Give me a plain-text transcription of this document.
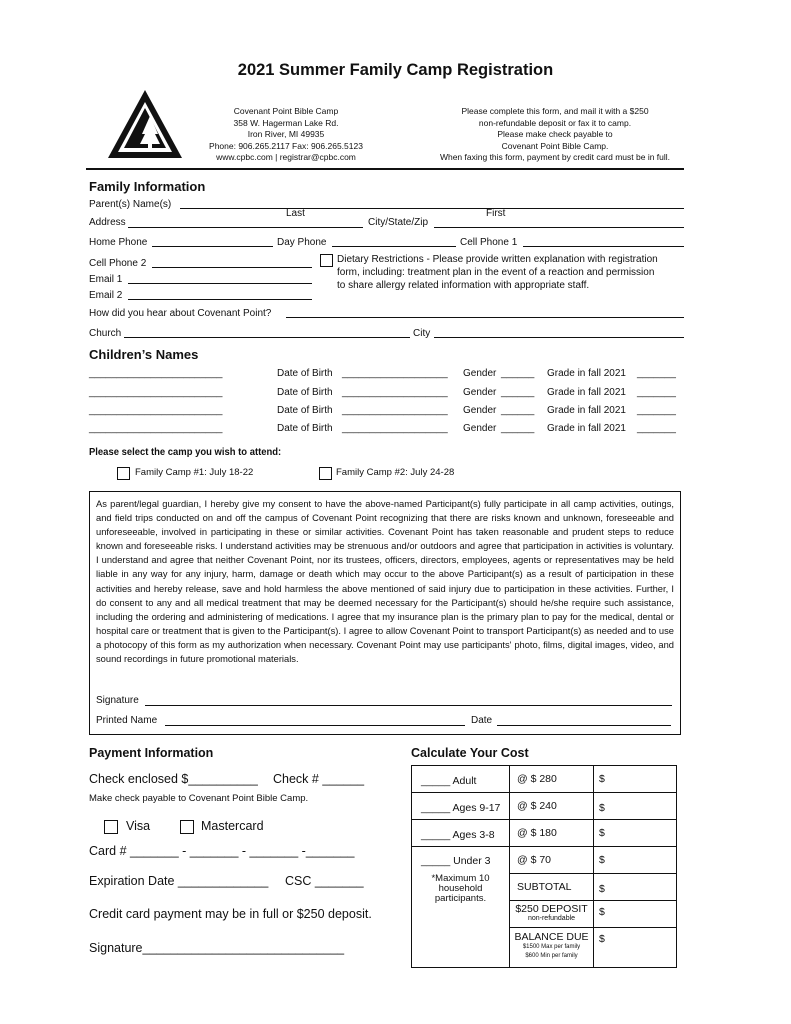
2021 Summer Family Camp Registration
Covenant Point Bible Camp
358 W. Hagerman Lake Rd.
Iron River, MI 49935
Phone: 906.265.2117 Fax: 906.265.5123
www.cpbc.com | registrar@cpbc.com
Please complete this form, and mail it with a $250
non-refundable deposit or fax it to camp.
Please make check payable to
Covenant Point Bible Camp.
When faxing this form, payment by credit card must be in full.
Family Information
Parent(s) Name(s)
Last	First
Address	City/State/Zip
Home Phone	Day Phone	Cell Phone 1
Cell Phone 2
Email 1
Email 2
Dietary Restrictions - Please provide written explanation with registration
form, including: treatment plan in the event of a reaction and permission
to share allergy related information with appropriate staff.
How did you hear about Covenant Point?
Church	City
Children’s Names
________________________	Date of Birth ___________________ Gender ______ Grade in fall 2021 _______
________________________	Date of Birth ___________________ Gender ______ Grade in fall 2021 _______
________________________	Date of Birth ___________________ Gender ______ Grade in fall 2021 _______
________________________	Date of Birth ___________________ Gender ______ Grade in fall 2021 _______
Please select the camp you wish to attend:
Family Camp #1: July 18-22	Family Camp #2: July 24-28

As parent/legal guardian, I hereby give my consent to have the above-named Participant(s) fully participate in all camp activities, outings, and field trips conducted on and off the campus of Covenant Point recognizing that there are risks known and unknown, foreseeable and unforeseeable, involved in participating in these or similar activities. Covenant Point has taken reasonable and prudent steps to reduce known and foreseeable risks. I understand activities may be strenuous and/or outdoors and agree that participation in activities is voluntary. I understand and agree that neither Covenant Point, nor its trustees, officers, directors, employees, agents or representatives may be held liable in any way for any injury, harm, damage or death which may occur to the above Participant(s) as a result of participation in these activities and hereby release, save and hold harmless the above mentioned of said injury due to participation in these activities. Further, I do consent to any and all medical treatment that may be deemed necessary for the Participant(s) should he/she require such assistance, including the ordering and administering of medications. I agree that my insurance plan is the primary plan to pay for the medical, dental or hospital care or treatment that is given to the Participant(s). I agree to allow Covenant Point to transport Participant(s) as needed and to use a photocopy of this form as my authorization when necessary. Covenant Point may use participants' photo, films, digital images, video, and sound recordings in future promotional materials.

Signature
Printed Name	Date
Payment Information
Check enclosed $__________ Check # ______
Make check payable to Covenant Point Bible Camp.
Visa	Mastercard
Card # _______ - _______ - _______ -_______
Expiration Date _____________ CSC _______
Credit card payment may be in full or $250 deposit.
Signature_____________________________
Calculate Your Cost
_____ Adult	@ $ 280	$

_____ Ages 9-17	@ $ 240	$

_____ Ages 3-8	@ $ 180	$

_____ Under 3
*Maximum 10
household
participants.	@ $ 70	$

	SUBTOTAL	$

	$250 DEPOSIT
non-refundable	$

	BALANCE DUE
$1500 Max per family
$600 Min per family	$
